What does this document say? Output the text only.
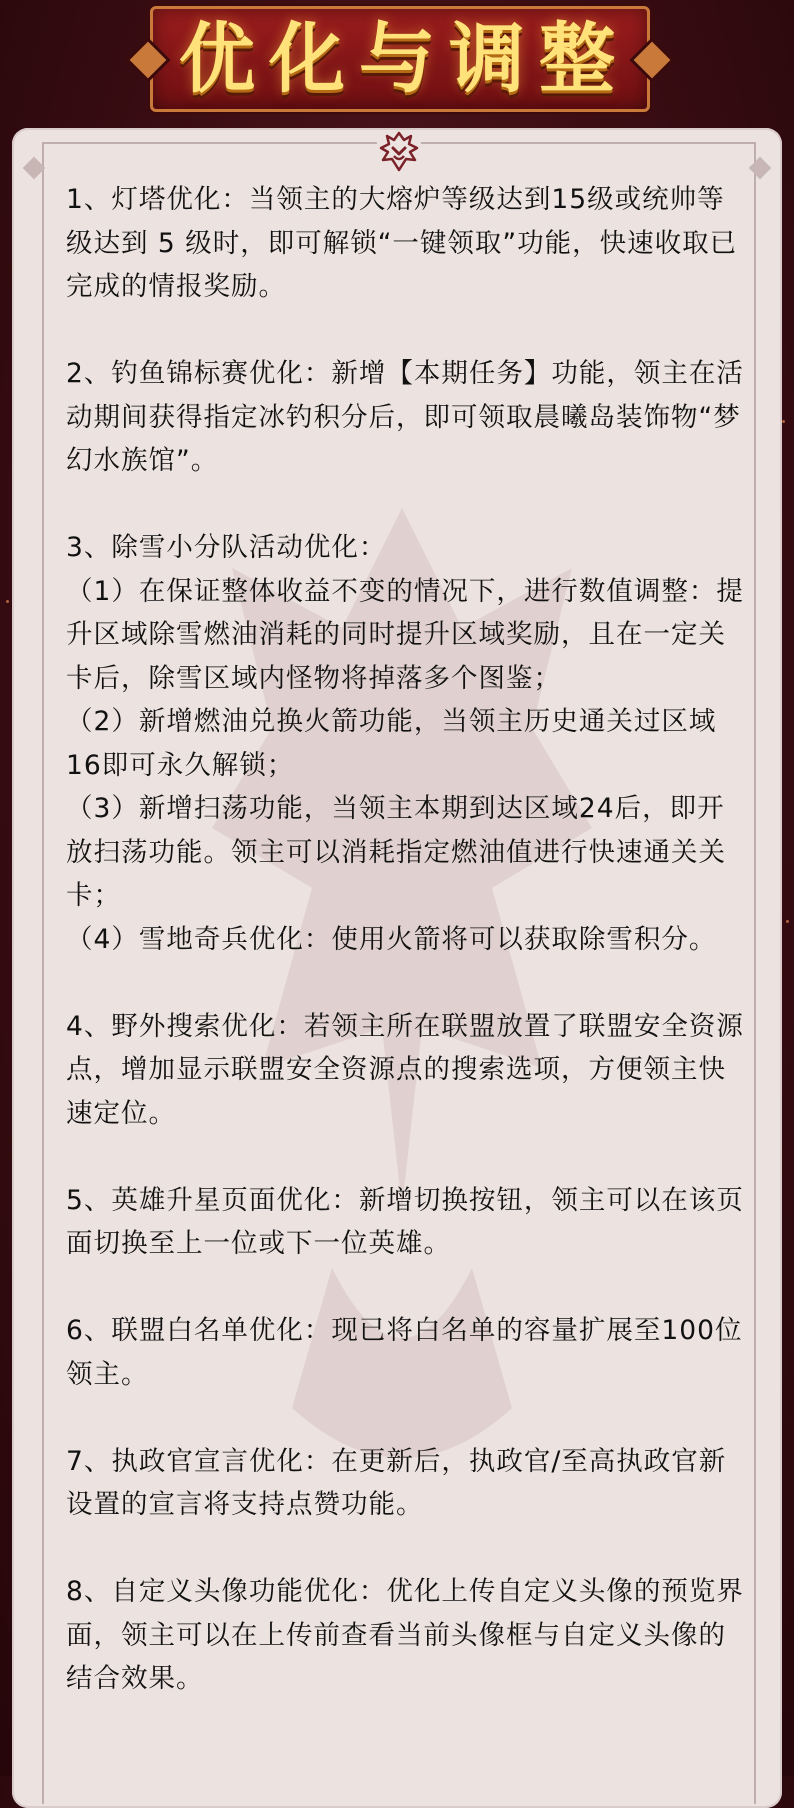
优化与调整

1、灯塔优化：当领主的大熔炉等级达到15级或统帅等级达到 5 级时，即可解锁“一键领取”功能，快速收取已完成的情报奖励。

2、钓鱼锦标赛优化：新增【本期任务】功能，领主在活动期间获得指定冰钓积分后，即可领取晨曦岛装饰物“梦幻水族馆”。

3、除雪小分队活动优化：

（1）在保证整体收益不变的情况下，进行数值调整：提升区域除雪燃油消耗的同时提升区域奖励，且在一定关卡后，除雪区域内怪物将掉落多个图鉴；

（2）新增燃油兑换火箭功能，当领主历史通关过区域16即可永久解锁；

（3）新增扫荡功能，当领主本期到达区域24后，即开放扫荡功能。领主可以消耗指定燃油值进行快速通关关卡；

（4）雪地奇兵优化：使用火箭将可以获取除雪积分。

4、野外搜索优化：若领主所在联盟放置了联盟安全资源点，增加显示联盟安全资源点的搜索选项，方便领主快速定位。

5、英雄升星页面优化：新增切换按钮，领主可以在该页面切换至上一位或下一位英雄。

6、联盟白名单优化：现已将白名单的容量扩展至100位领主。

7、执政官宣言优化：在更新后，执政官/至高执政官新设置的宣言将支持点赞功能。

8、自定义头像功能优化：优化上传自定义头像的预览界面，领主可以在上传前查看当前头像框与自定义头像的结合效果。
